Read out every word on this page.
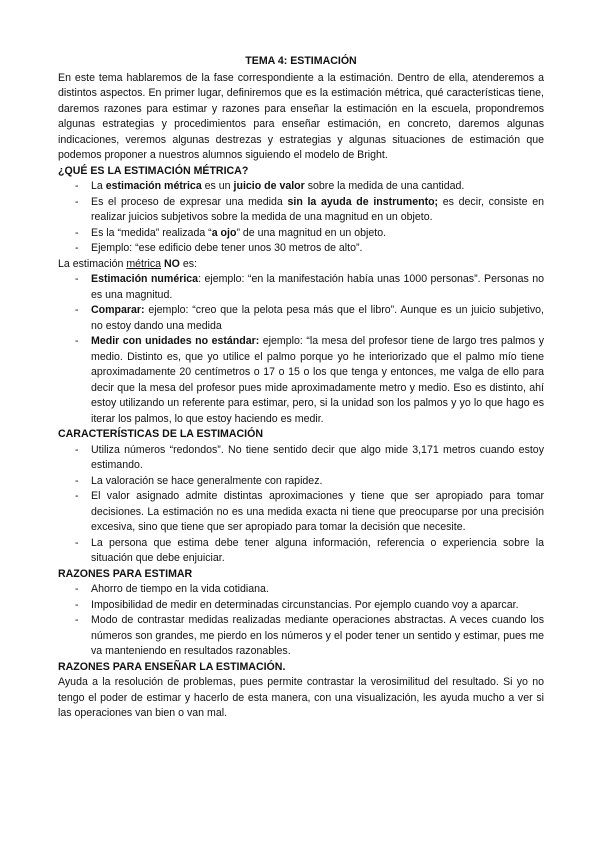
TEMA 4: ESTIMACIÓN
En este tema hablaremos de la fase correspondiente a la estimación. Dentro de ella, atenderemos a distintos aspectos. En primer lugar, definiremos que es la estimación métrica, qué características tiene, daremos razones para estimar y razones para enseñar la estimación en la escuela, propondremos algunas estrategias y procedimientos para enseñar estimación, en concreto, daremos algunas indicaciones, veremos algunas destrezas y estrategias y algunas situaciones de estimación que podemos proponer a nuestros alumnos siguiendo el modelo de Bright.
¿QUÉ ES LA ESTIMACIÓN MÉTRICA?
- La estimación métrica es un juicio de valor sobre la medida de una cantidad.
- Es el proceso de expresar una medida sin la ayuda de instrumento; es decir, consiste en realizar juicios subjetivos sobre la medida de una magnitud en un objeto.
- Es la “medida” realizada “a ojo” de una magnitud en un objeto.
- Ejemplo: “ese edificio debe tener unos 30 metros de alto”.
La estimación métrica NO es:
- Estimación numérica: ejemplo: “en la manifestación había unas 1000 personas”. Personas no es una magnitud.
- Comparar: ejemplo: “creo que la pelota pesa más que el libro”. Aunque es un juicio subjetivo, no estoy dando una medida
- Medir con unidades no estándar: ejemplo: “la mesa del profesor tiene de largo tres palmos y medio. Distinto es, que yo utilice el palmo porque yo he interiorizado que el palmo mío tiene aproximadamente 20 centímetros o 17 o 15 o los que tenga y entonces, me valga de ello para decir que la mesa del profesor pues mide aproximadamente metro y medio. Eso es distinto, ahí estoy utilizando un referente para estimar, pero, si la unidad son los palmos y yo lo que hago es iterar los palmos, lo que estoy haciendo es medir.
CARACTERÍSTICAS DE LA ESTIMACIÓN
- Utiliza números “redondos”. No tiene sentido decir que algo mide 3,171 metros cuando estoy estimando.
- La valoración se hace generalmente con rapidez.
- El valor asignado admite distintas aproximaciones y tiene que ser apropiado para tomar decisiones. La estimación no es una medida exacta ni tiene que preocuparse por una precisión excesiva, sino que tiene que ser apropiado para tomar la decisión que necesite.
- La persona que estima debe tener alguna información, referencia o experiencia sobre la situación que debe enjuiciar.
RAZONES PARA ESTIMAR
- Ahorro de tiempo en la vida cotidiana.
- Imposibilidad de medir en determinadas circunstancias. Por ejemplo cuando voy a aparcar.
- Modo de contrastar medidas realizadas mediante operaciones abstractas. A veces cuando los números son grandes, me pierdo en los números y el poder tener un sentido y estimar, pues me va manteniendo en resultados razonables.
RAZONES PARA ENSEÑAR LA ESTIMACIÓN.
Ayuda a la resolución de problemas, pues permite contrastar la verosimilitud del resultado. Si yo no tengo el poder de estimar y hacerlo de esta manera, con una visualización, les ayuda mucho a ver si las operaciones van bien o van mal.
